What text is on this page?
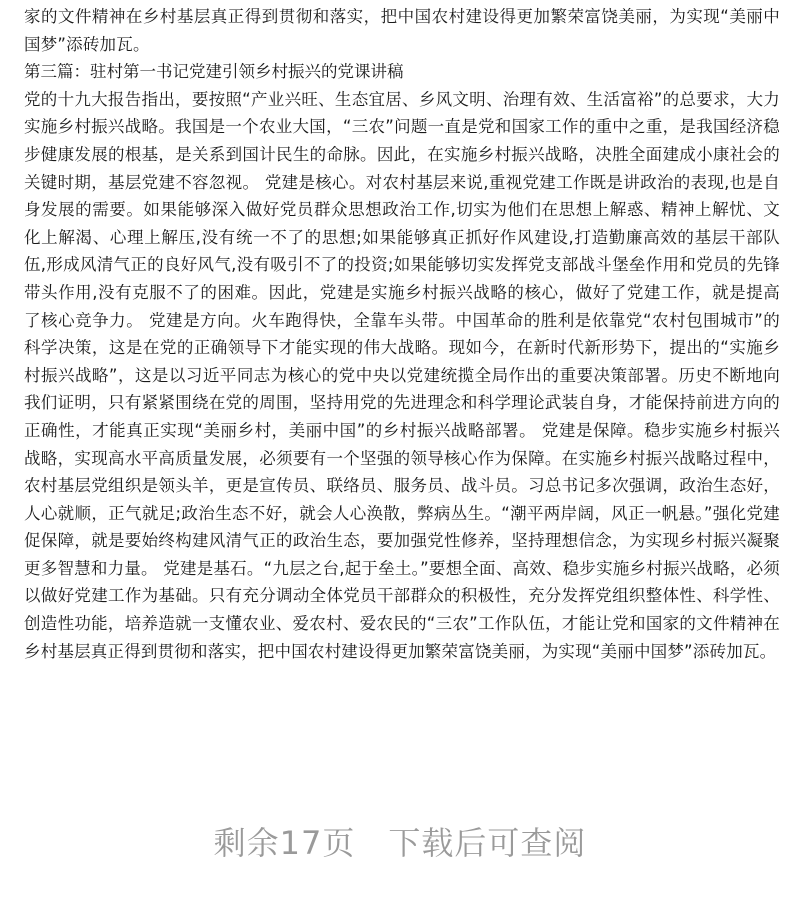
家的文件精神在乡村基层真正得到贯彻和落实，把中国农村建设得更加繁荣富饶美丽，为实现“美丽中国梦”添砖加瓦。

第三篇：驻村第一书记党建引领乡村振兴的党课讲稿

党的十九大报告指出，要按照“产业兴旺、生态宜居、乡风文明、治理有效、生活富裕”的总要求，大力实施乡村振兴战略。我国是一个农业大国，“三农”问题一直是党和国家工作的重中之重，是我国经济稳步健康发展的根基，是关系到国计民生的命脉。因此，在实施乡村振兴战略，决胜全面建成小康社会的关键时期，基层党建不容忽视。 党建是核心。对农村基层来说,重视党建工作既是讲政治的表现,也是自身发展的需要。如果能够深入做好党员群众思想政治工作,切实为他们在思想上解惑、精神上解忧、文化上解渴、心理上解压,没有统一不了的思想;如果能够真正抓好作风建设,打造勤廉高效的基层干部队伍,形成风清气正的良好风气,没有吸引不了的投资;如果能够切实发挥党支部战斗堡垒作用和党员的先锋带头作用,没有克服不了的困难。因此，党建是实施乡村振兴战略的核心，做好了党建工作，就是提高了核心竞争力。 党建是方向。火车跑得快，全靠车头带。中国革命的胜利是依靠党“农村包围城市”的科学决策，这是在党的正确领导下才能实现的伟大战略。现如今，在新时代新形势下，提出的“实施乡村振兴战略”，这是以习近平同志为核心的党中央以党建统揽全局作出的重要决策部署。历史不断地向我们证明，只有紧紧围绕在党的周围，坚持用党的先进理念和科学理论武装自身，才能保持前进方向的正确性，才能真正实现“美丽乡村，美丽中国”的乡村振兴战略部署。 党建是保障。稳步实施乡村振兴战略，实现高水平高质量发展，必须要有一个坚强的领导核心作为保障。在实施乡村振兴战略过程中，农村基层党组织是领头羊，更是宣传员、联络员、服务员、战斗员。习总书记多次强调，政治生态好，人心就顺，正气就足;政治生态不好，就会人心涣散，弊病丛生。“潮平两岸阔，风正一帆悬。”强化党建促保障，就是要始终构建风清气正的政治生态，要加强党性修养，坚持理想信念，为实现乡村振兴凝聚更多智慧和力量。 党建是基石。“九层之台,起于垒土。”要想全面、高效、稳步实施乡村振兴战略，必须以做好党建工作为基础。只有充分调动全体党员干部群众的积极性，充分发挥党组织整体性、科学性、创造性功能，培养造就一支懂农业、爱农村、爱农民的“三农”工作队伍，才能让党和国家的文件精神在乡村基层真正得到贯彻和落实，把中国农村建设得更加繁荣富饶美丽，为实现“美丽中国梦”添砖加瓦。

剩余17页　下载后可查阅
